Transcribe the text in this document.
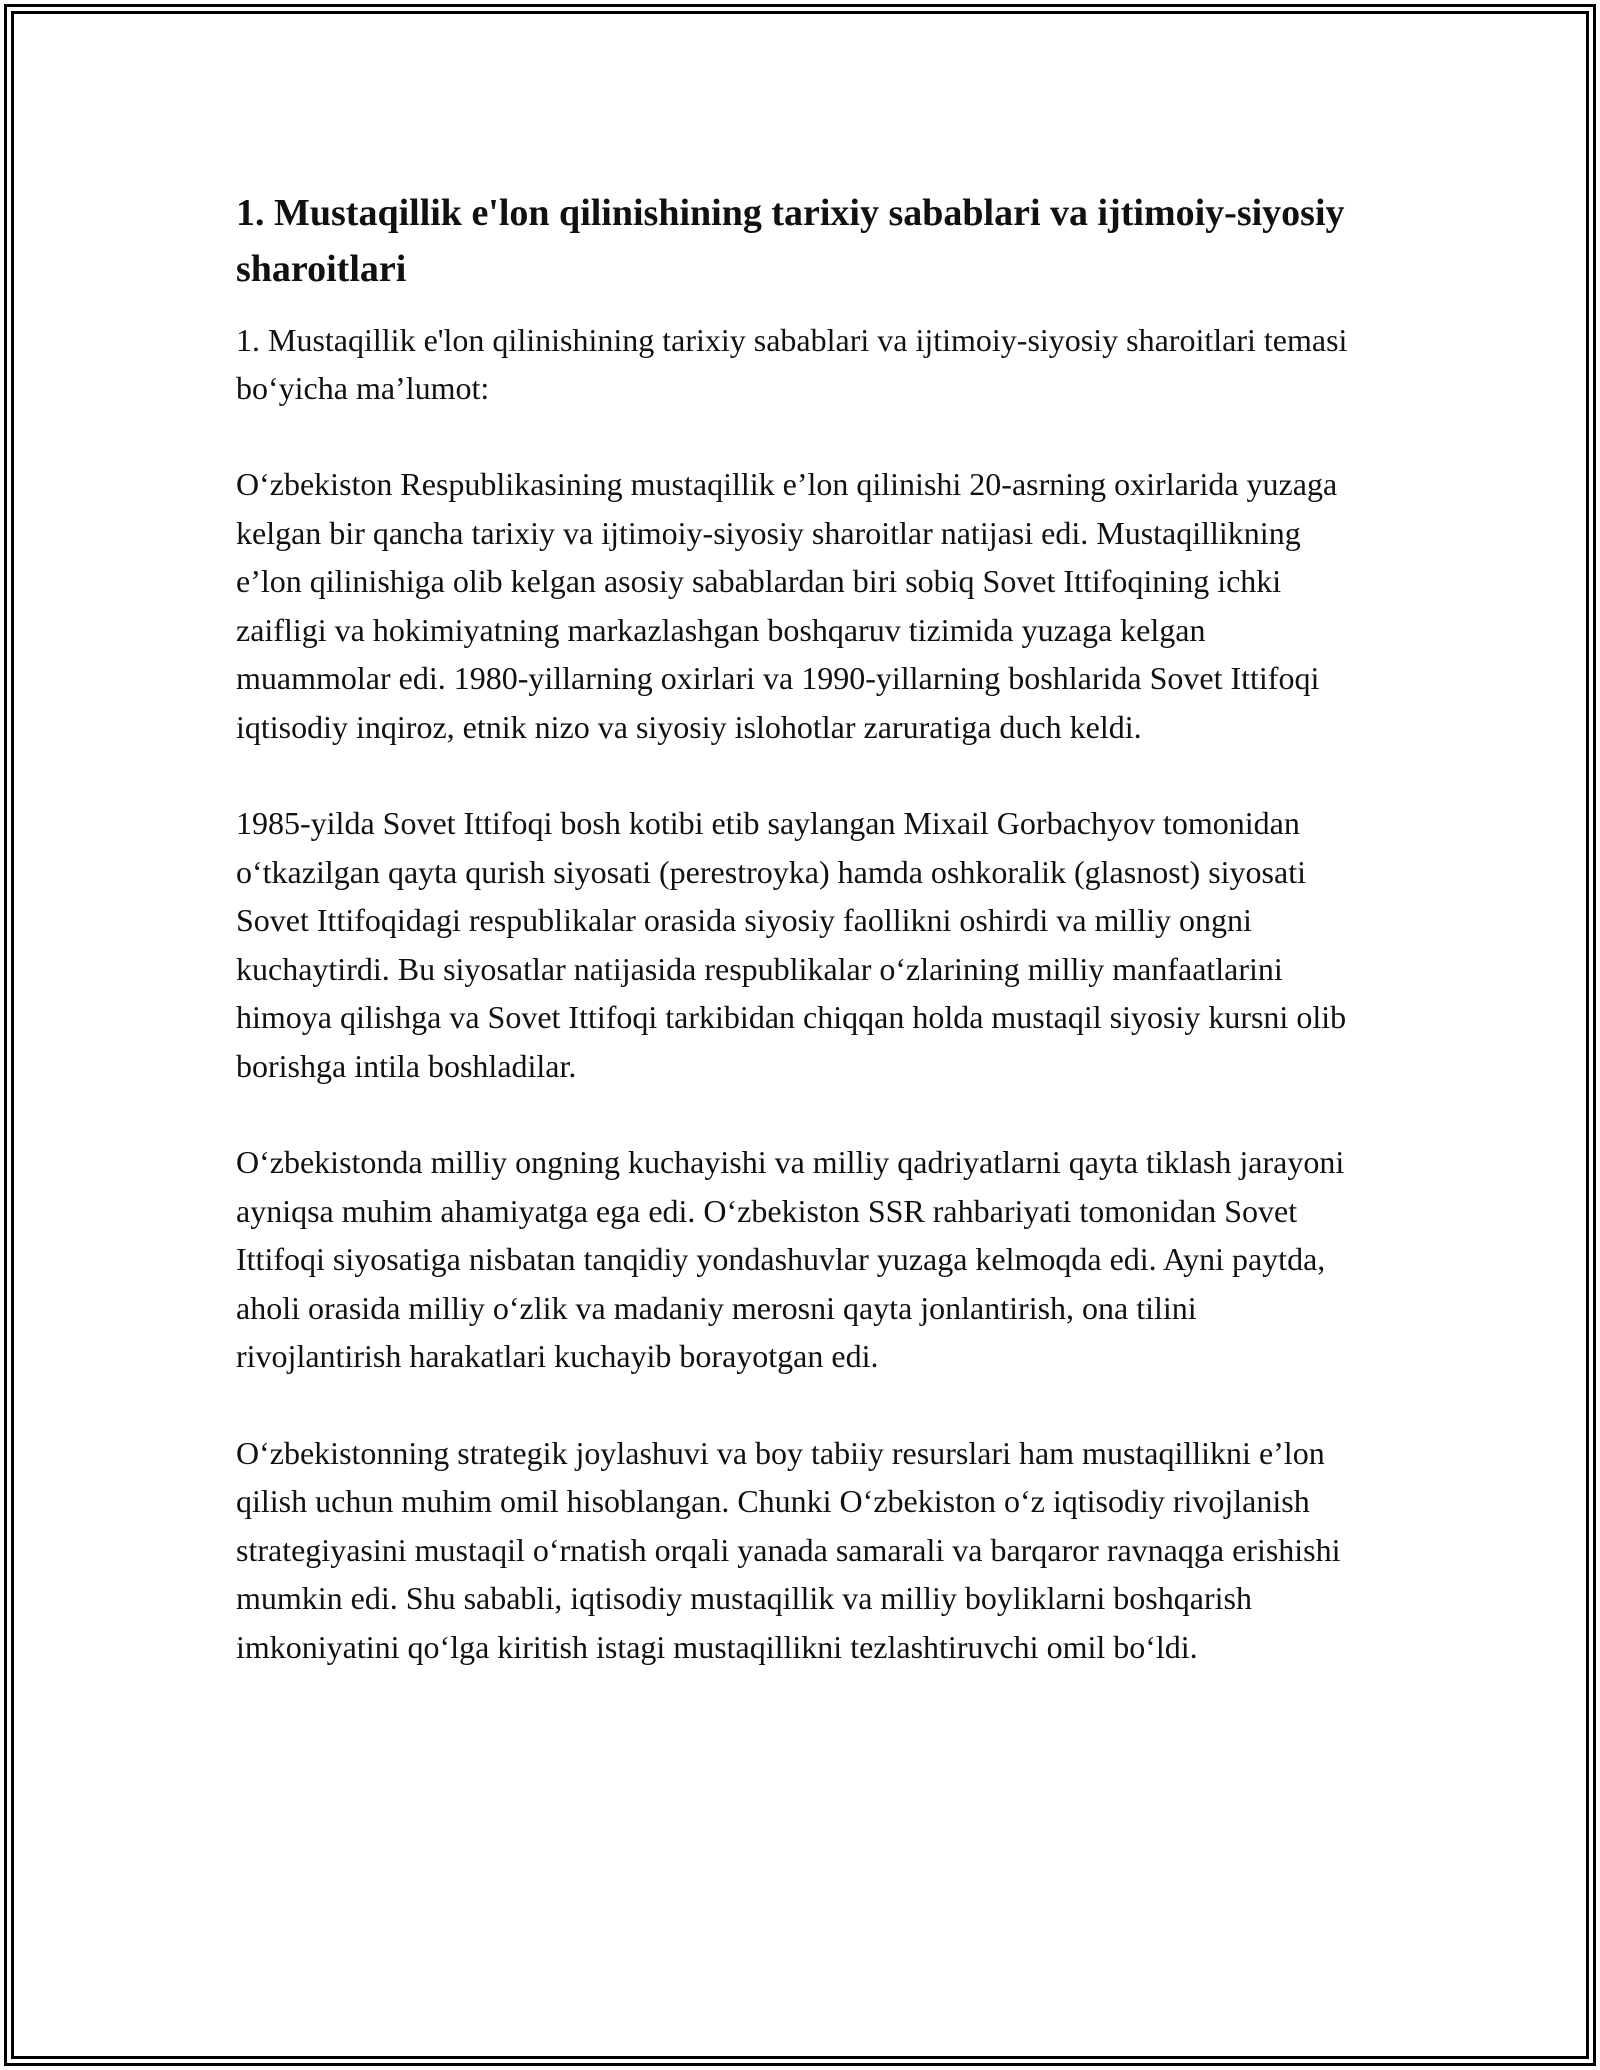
1. Mustaqillik e'lon qilinishining tarixiy sabablari va ijtimoiy-siyosiy sharoitlari

1. Mustaqillik e'lon qilinishining tarixiy sabablari va ijtimoiy-siyosiy sharoitlari temasi bo‘yicha ma’lumot:

O‘zbekiston Respublikasining mustaqillik e’lon qilinishi 20-asrning oxirlarida yuzaga kelgan bir qancha tarixiy va ijtimoiy-siyosiy sharoitlar natijasi edi. Mustaqillikning e’lon qilinishiga olib kelgan asosiy sabablardan biri sobiq Sovet Ittifoqining ichki zaifligi va hokimiyatning markazlashgan boshqaruv tizimida yuzaga kelgan muammolar edi. 1980-yillarning oxirlari va 1990-yillarning boshlarida Sovet Ittifoqi iqtisodiy inqiroz, etnik nizo va siyosiy islohotlar zaruratiga duch keldi.

1985-yilda Sovet Ittifoqi bosh kotibi etib saylangan Mixail Gorbachyov tomonidan o‘tkazilgan qayta qurish siyosati (perestroyka) hamda oshkoralik (glasnost) siyosati Sovet Ittifoqidagi respublikalar orasida siyosiy faollikni oshirdi va milliy ongni kuchaytirdi. Bu siyosatlar natijasida respublikalar o‘zlarining milliy manfaatlarini himoya qilishga va Sovet Ittifoqi tarkibidan chiqqan holda mustaqil siyosiy kursni olib borishga intila boshladilar.

O‘zbekistonda milliy ongning kuchayishi va milliy qadriyatlarni qayta tiklash jarayoni ayniqsa muhim ahamiyatga ega edi. O‘zbekiston SSR rahbariyati tomonidan Sovet Ittifoqi siyosatiga nisbatan tanqidiy yondashuvlar yuzaga kelmoqda edi. Ayni paytda, aholi orasida milliy o‘zlik va madaniy merosni qayta jonlantirish, ona tilini rivojlantirish harakatlari kuchayib borayotgan edi.

O‘zbekistonning strategik joylashuvi va boy tabiiy resurslari ham mustaqillikni e’lon qilish uchun muhim omil hisoblangan. Chunki O‘zbekiston o‘z iqtisodiy rivojlanish strategiyasini mustaqil o‘rnatish orqali yanada samarali va barqaror ravnaqga erishishi mumkin edi. Shu sababli, iqtisodiy mustaqillik va milliy boyliklarni boshqarish imkoniyatini qo‘lga kiritish istagi mustaqillikni tezlashtiruvchi omil bo‘ldi.
